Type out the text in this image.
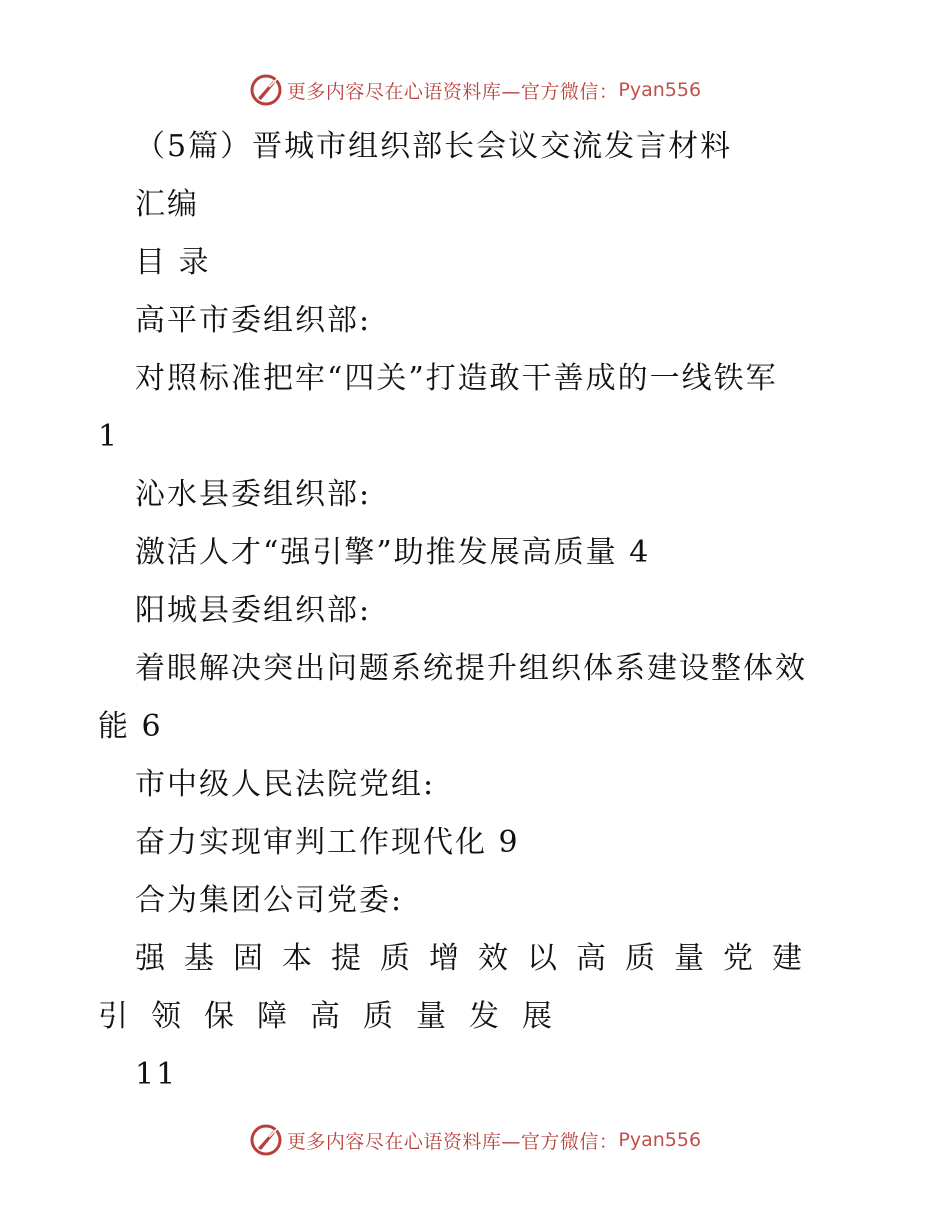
更多内容尽在心语资料库—官方微信： Pyan556
（5篇）晋城市组织部长会议交流发言材料
汇编
目 录
高平市委组织部:
对照标准把牢“四关”打造敢干善成的一线铁军
1
沁水县委组织部:
激活人才“强引擎”助推发展高质量 4
阳城县委组织部:
着眼解决突出问题系统提升组织体系建设整体效
能 6
市中级人民法院党组:
奋力实现审判工作现代化 9
合为集团公司党委:
强基固本提质增效以高质量党建
引领保障高质量发展
11
更多内容尽在心语资料库—官方微信： Pyan556
